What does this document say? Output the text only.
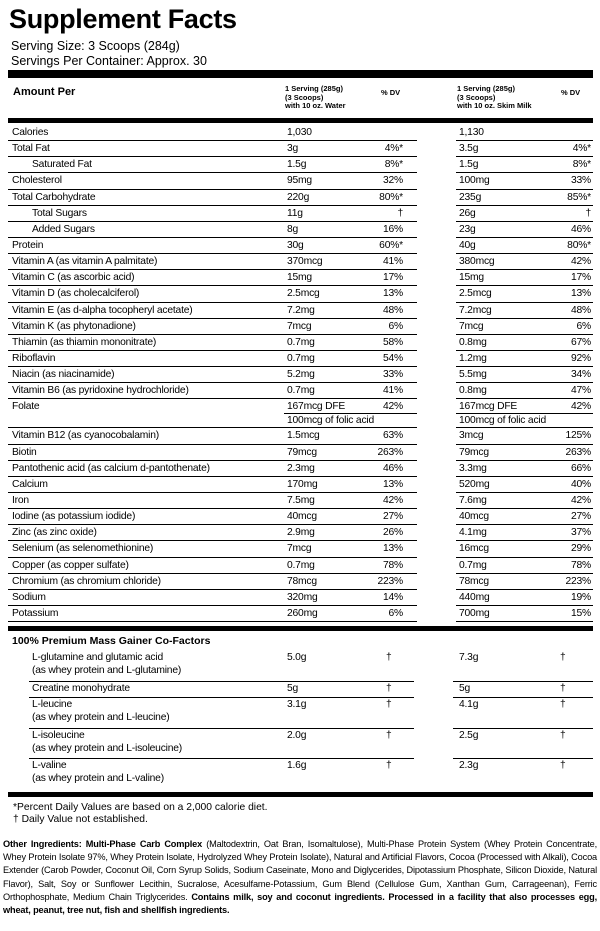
Supplement Facts
Serving Size: 3 Scoops (284g)
Servings Per Container: Approx. 30
Amount Per	1 Serving (285g)
(3 Scoops)
with 10 oz. Water
% DV	1 Serving (285g)
(3 Scoops)
with 10 oz. Skim Milk
% DV
Calories	1,030	1,130
Total Fat	3g	4%*	3.5g	4%*
Saturated Fat	1.5g	8%*	1.5g	8%*
Cholesterol	95mg	32%	100mg	33%
Total Carbohydrate	220g	80%*	235g	85%*
Total Sugars	11g	†	26g	†
Added Sugars	8g	16%	23g	46%
Protein	30g	60%*	40g	80%*
Vitamin A (as vitamin A palmitate)	370mcg	41%	380mcg	42%
Vitamin C (as ascorbic acid)	15mg	17%	15mg	17%
Vitamin D (as cholecalciferol)	2.5mcg	13%	2.5mcg	13%
Vitamin E (as d-alpha tocopheryl acetate)	7.2mg	48%	7.2mcg	48%
Vitamin K (as phytonadione)	7mcg	6%	7mcg	6%
Thiamin (as thiamin mononitrate)	0.7mg	58%	0.8mg	67%
Riboflavin	0.7mg	54%	1.2mg	92%
Niacin (as niacinamide)	5.2mg	33%	5.5mg	34%
Vitamin B6 (as pyridoxine hydrochloride)	0.7mg	41%	0.8mg	47%
Folate	167mcg DFE	42%	167mcg DFE	42%
100mcg of folic acid	100mcg of folic acid
Vitamin B12 (as cyanocobalamin)	1.5mcg	63%	3mcg	125%
Biotin	79mcg	263%	79mcg	263%
Pantothenic acid (as calcium d-pantothenate)	2.3mg	46%	3.3mg	66%
Calcium	170mg	13%	520mg	40%
Iron	7.5mg	42%	7.6mg	42%
Iodine (as potassium iodide)	40mcg	27%	40mcg	27%
Zinc (as zinc oxide)	2.9mg	26%	4.1mg	37%
Selenium (as selenomethionine)	7mcg	13%	16mcg	29%
Copper (as copper sulfate)	0.7mg	78%	0.7mg	78%
Chromium (as chromium chloride)	78mcg	223%	78mcg	223%
Sodium	320mg	14%	440mg	19%
Potassium	260mg	6%	700mg	15%
100% Premium Mass Gainer Co-Factors
L-glutamine and glutamic acid
(as whey protein and L-glutamine)
5.0g	†	7.3g	†
Creatine monohydrate	5g	†	5g	†
L-leucine
(as whey protein and L-leucine)
3.1g	†	4.1g	†
L-isoleucine
(as whey protein and L-isoleucine)
2.0g	†	2.5g	†
L-valine
(as whey protein and L-valine)
1.6g	†	2.3g	†
*Percent Daily Values are based on a 2,000 calorie diet.
† Daily Value not established.
Other Ingredients: Multi-Phase Carb Complex (Maltodextrin, Oat Bran, Isomaltulose), Multi-Phase Protein System (Whey Protein Concentrate, Whey Protein Isolate 97%, Whey Protein Isolate, Hydrolyzed Whey Protein Isolate), Natural and Artificial Flavors, Cocoa (Processed with Alkali), Cocoa Extender (Carob Powder, Coconut Oil, Corn Syrup Solids, Sodium Caseinate, Mono and Diglycerides, Dipotassium Phosphate, Silicon Dioxide, Natural Flavor), Salt, Soy or Sunflower Lecithin, Sucralose, Acesulfame-Potassium, Gum Blend (Cellulose Gum, Xanthan Gum, Carrageenan), Ferric Orthophosphate, Medium Chain Triglycerides. Contains milk, soy and coconut ingredients. Processed in a facility that also processes egg, wheat, peanut, tree nut, fish and shellfish ingredients.
